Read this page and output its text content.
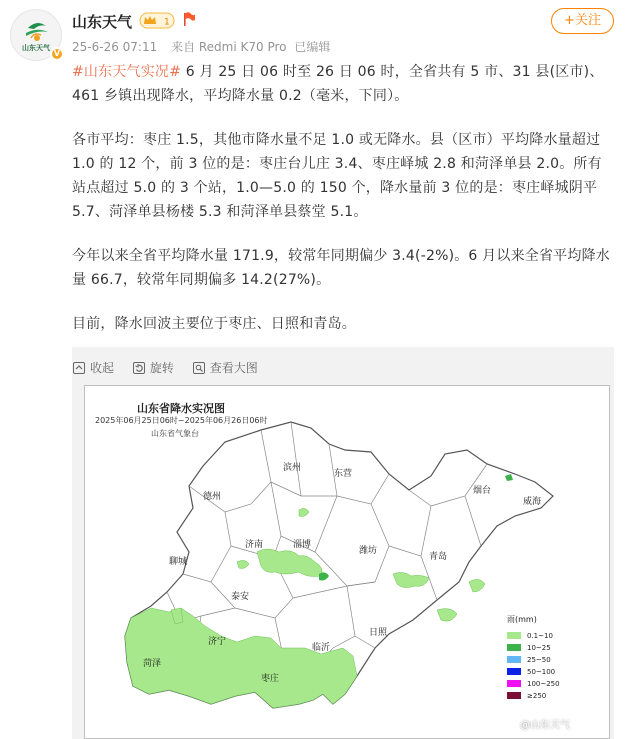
山东天气
V
山东天气	1
25-6-26 07:11 来自 Redmi K70 Pro 已编辑
+关注

#山东天气实况# 6 月 25 日 06 时至 26 日 06 时，全省共有 5 市、31 县(区市)、461 乡镇出现降水，平均降水量 0.2（毫米，下同）。

各市平均：枣庄 1.5，其他市降水量不足 1.0 或无降水。县（区市）平均降水量超过 1.0 的 12 个，前 3 位的是：枣庄台儿庄 3.4、枣庄峄城 2.8 和菏泽单县 2.0。所有站点超过 5.0 的 3 个站，1.0—5.0 的 150 个，降水量前 3 位的是：枣庄峄城阴平 5.7、菏泽单县杨楼 5.3 和菏泽单县蔡堂 5.1。

今年以来全省平均降水量 171.9，较常年同期偏少 3.4(-2%)。6 月以来全省平均降水量 66.7，较常年同期偏多 14.2(27%)。

目前，降水回波主要位于枣庄、日照和青岛。

收起
	旋转
	查看大图
山东省降水实况图
2025年06月25日06时~2025年06月26日06时
山东省气象台
滨州
东营
烟台
威海
德州
济南	淄博
潍坊
青岛
聊城
泰安
日照
济宁
临沂
菏泽
枣庄
雨(mm)
0.1~10
10~25
25~50
50~100
100~250
≥250
@山东天气
